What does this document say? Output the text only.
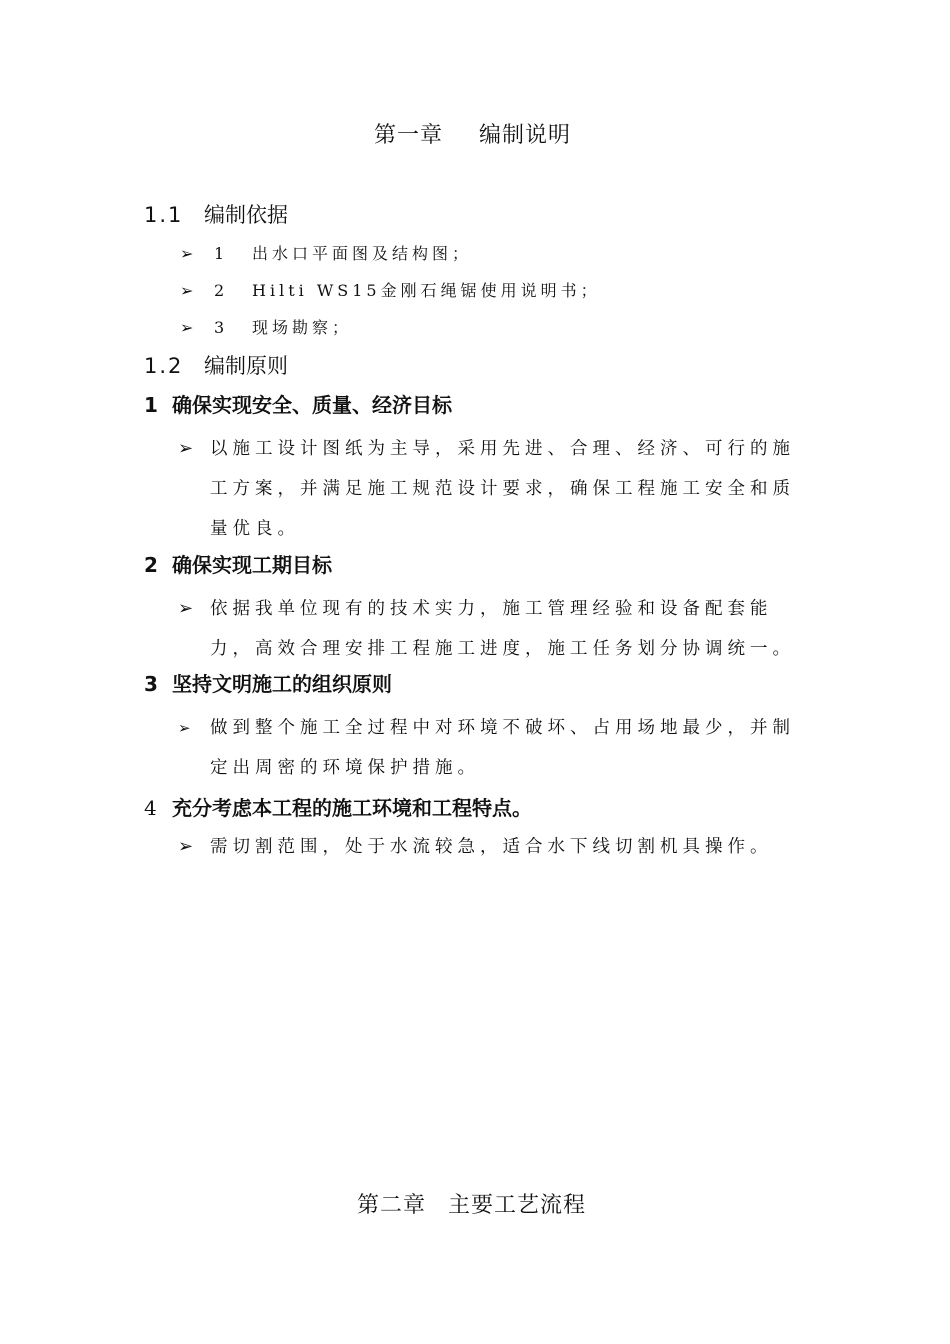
第一章 编制说明
1.1 编制依据
➢ 1 出水口平面图及结构图；
➢ 2 Hilti WS15金刚石绳锯使用说明书；
➢ 3 现场勘察；
1.2 编制原则
1 确保实现安全、质量、经济目标
➢ 以施工设计图纸为主导，采用先进、合理、经济、可行的施
工方案，并满足施工规范设计要求，确保工程施工安全和质
量优良。
2 确保实现工期目标
➢ 依据我单位现有的技术实力，施工管理经验和设备配套能
力，高效合理安排工程施工进度，施工任务划分协调统一。
3 坚持文明施工的组织原则
➢ 做到整个施工全过程中对环境不破坏、占用场地最少，并制
定出周密的环境保护措施。
4 充分考虑本工程的施工环境和工程特点。
➢ 需切割范围，处于水流较急，适合水下线切割机具操作。
第二章 主要工艺流程
